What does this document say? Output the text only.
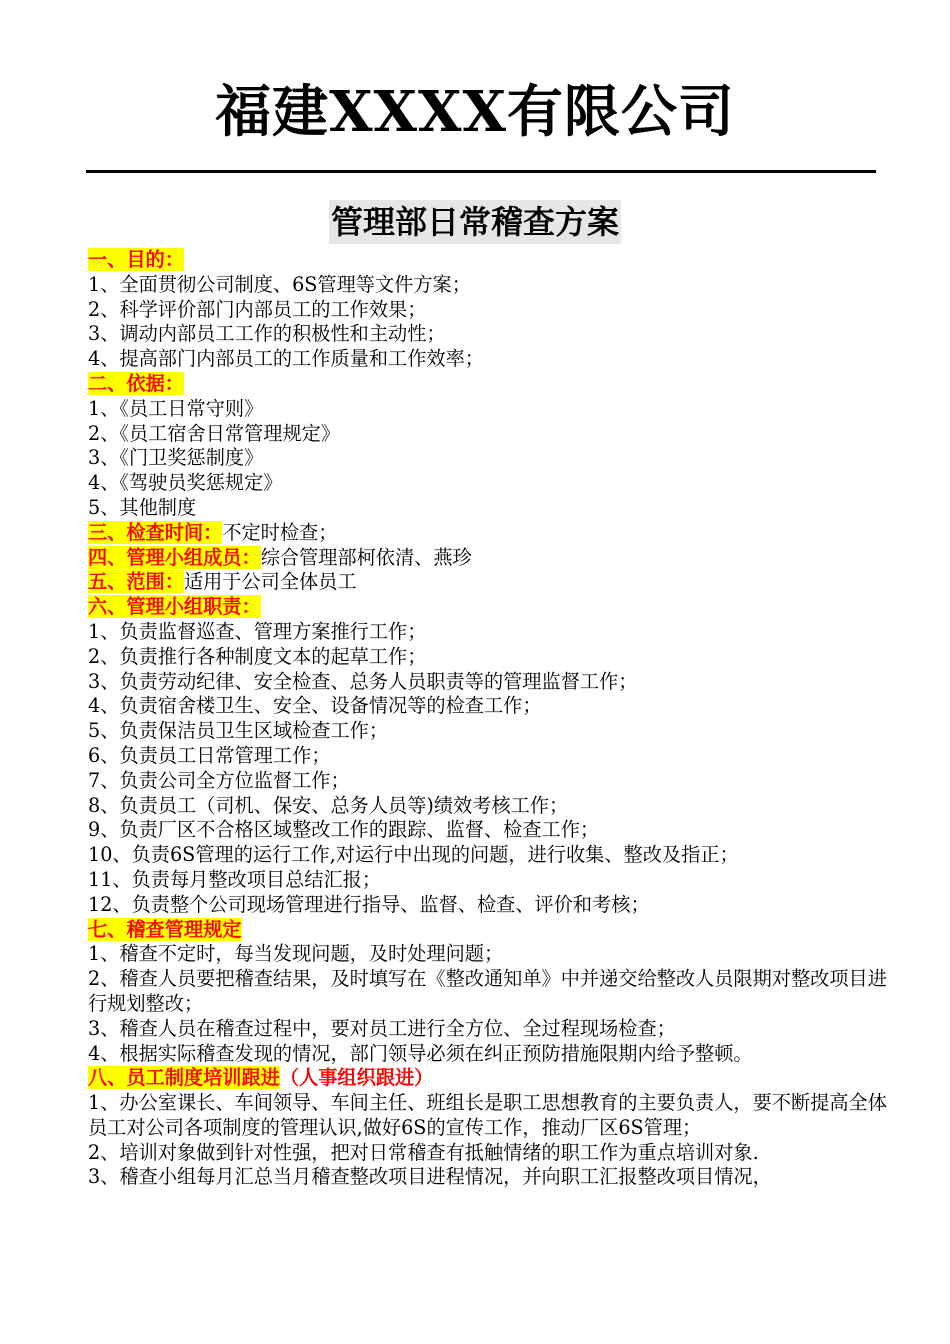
福建XXXX有限公司
管理部日常稽查方案
一、目的：
1、全面贯彻公司制度、6S管理等文件方案；
2、科学评价部门内部员工的工作效果；
3、调动内部员工工作的积极性和主动性；
4、提高部门内部员工的工作质量和工作效率；
二、依据：
1、《员工日常守则》
2、《员工宿舍日常管理规定》
3、《门卫奖惩制度》
4、《驾驶员奖惩规定》
5、其他制度
三、检查时间：不定时检查；
四、管理小组成员：综合管理部柯依清、燕珍
五、范围：适用于公司全体员工
六、管理小组职责：
1、负责监督巡查、管理方案推行工作；
2、负责推行各种制度文本的起草工作；
3、负责劳动纪律、安全检查、总务人员职责等的管理监督工作；
4、负责宿舍楼卫生、安全、设备情况等的检查工作；
5、负责保洁员卫生区域检查工作；
6、负责员工日常管理工作；
7、负责公司全方位监督工作；
8、负责员工（司机、保安、总务人员等)绩效考核工作；
9、负责厂区不合格区域整改工作的跟踪、监督、检查工作；
10、负责6S管理的运行工作,对运行中出现的问题，进行收集、整改及指正；
11、负责每月整改项目总结汇报；
12、负责整个公司现场管理进行指导、监督、检查、评价和考核；
七、稽查管理规定
1、稽查不定时，每当发现问题，及时处理问题；
2、稽查人员要把稽查结果，及时填写在《整改通知单》中并递交给整改人员限期对整改项目进行规划整改；
3、稽查人员在稽查过程中，要对员工进行全方位、全过程现场检查；
4、根据实际稽查发现的情况，部门领导必须在纠正预防措施限期内给予整顿。
八、员工制度培训跟进（人事组织跟进）
1、办公室课长、车间领导、车间主任、班组长是职工思想教育的主要负责人，要不断提高全体员工对公司各项制度的管理认识,做好6S的宣传工作，推动厂区6S管理；
2、培训对象做到针对性强，把对日常稽查有抵触情绪的职工作为重点培训对象.
3、稽查小组每月汇总当月稽查整改项目进程情况，并向职工汇报整改项目情况，
